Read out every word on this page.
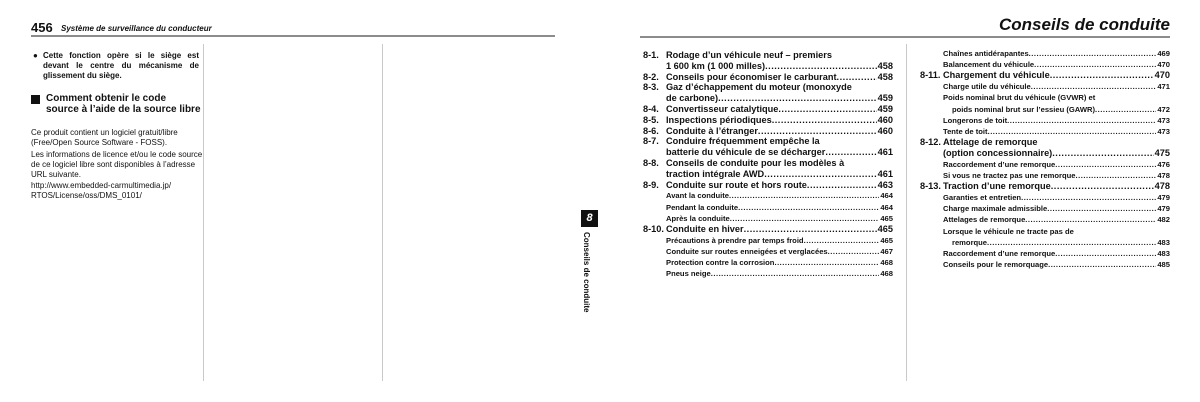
456 Système de surveillance du conducteur
● Cette fonction opère si le siège est devant le centre du mécanisme de glissement du siège.
Comment obtenir le code source à l’aide de la source libre
Ce produit contient un logiciel gratuit/libre (Free/Open Source Software - FOSS).
Les informations de licence et/ou le code source de ce logiciel libre sont disponibles à l’adresse URL suivante.
http://www.embedded-carmultimedia.jp/ RTOS/License/oss/DMS_0101/
Conseils de conduite
8-1. Rodage d’un véhicule neuf – premiers
1 600 km (1 000 milles) .....	458
8-2. Conseils pour économiser le carburant .....	458
8-3. Gaz d’échappement du moteur (monoxyde
de carbone) .....	459
8-4. Convertisseur catalytique .....	459
8-5. Inspections périodiques .....	460
8-6. Conduite à l’étranger .....	460
8-7. Conduire fréquemment empêche la
batterie du véhicule de se décharger .....	461
8-8. Conseils de conduite pour les modèles à
traction intégrale AWD .....	461
8-9. Conduite sur route et hors route .....	463
Avant la conduite .....	464
Pendant la conduite .....	464
Après la conduite .....	465
8-10. Conduite en hiver .....	465
Précautions à prendre par temps froid .....	465
Conduite sur routes enneigées et verglacées .....	467
Protection contre la corrosion .....	468
Pneus neige .....	468
Chaînes antidérapantes .....	469
Balancement du véhicule .....	470
8-11. Chargement du véhicule .....	470
Charge utile du véhicule .....	471
Poids nominal brut du véhicule (GVWR) et
poids nominal brut sur l’essieu (GAWR) .....	472
Longerons de toit .....	473
Tente de toit .....	473
8-12. Attelage de remorque
(option concessionnaire) .....	475
Raccordement d’une remorque .....	476
Si vous ne tractez pas une remorque .....	478
8-13. Traction d’une remorque .....	478
Garanties et entretien .....	479
Charge maximale admissible .....	479
Attelages de remorque .....	482
Lorsque le véhicule ne tracte pas de
remorque .....	483
Raccordement d’une remorque .....	483
Conseils pour le remorquage .....	485
8
Conseils de conduite
